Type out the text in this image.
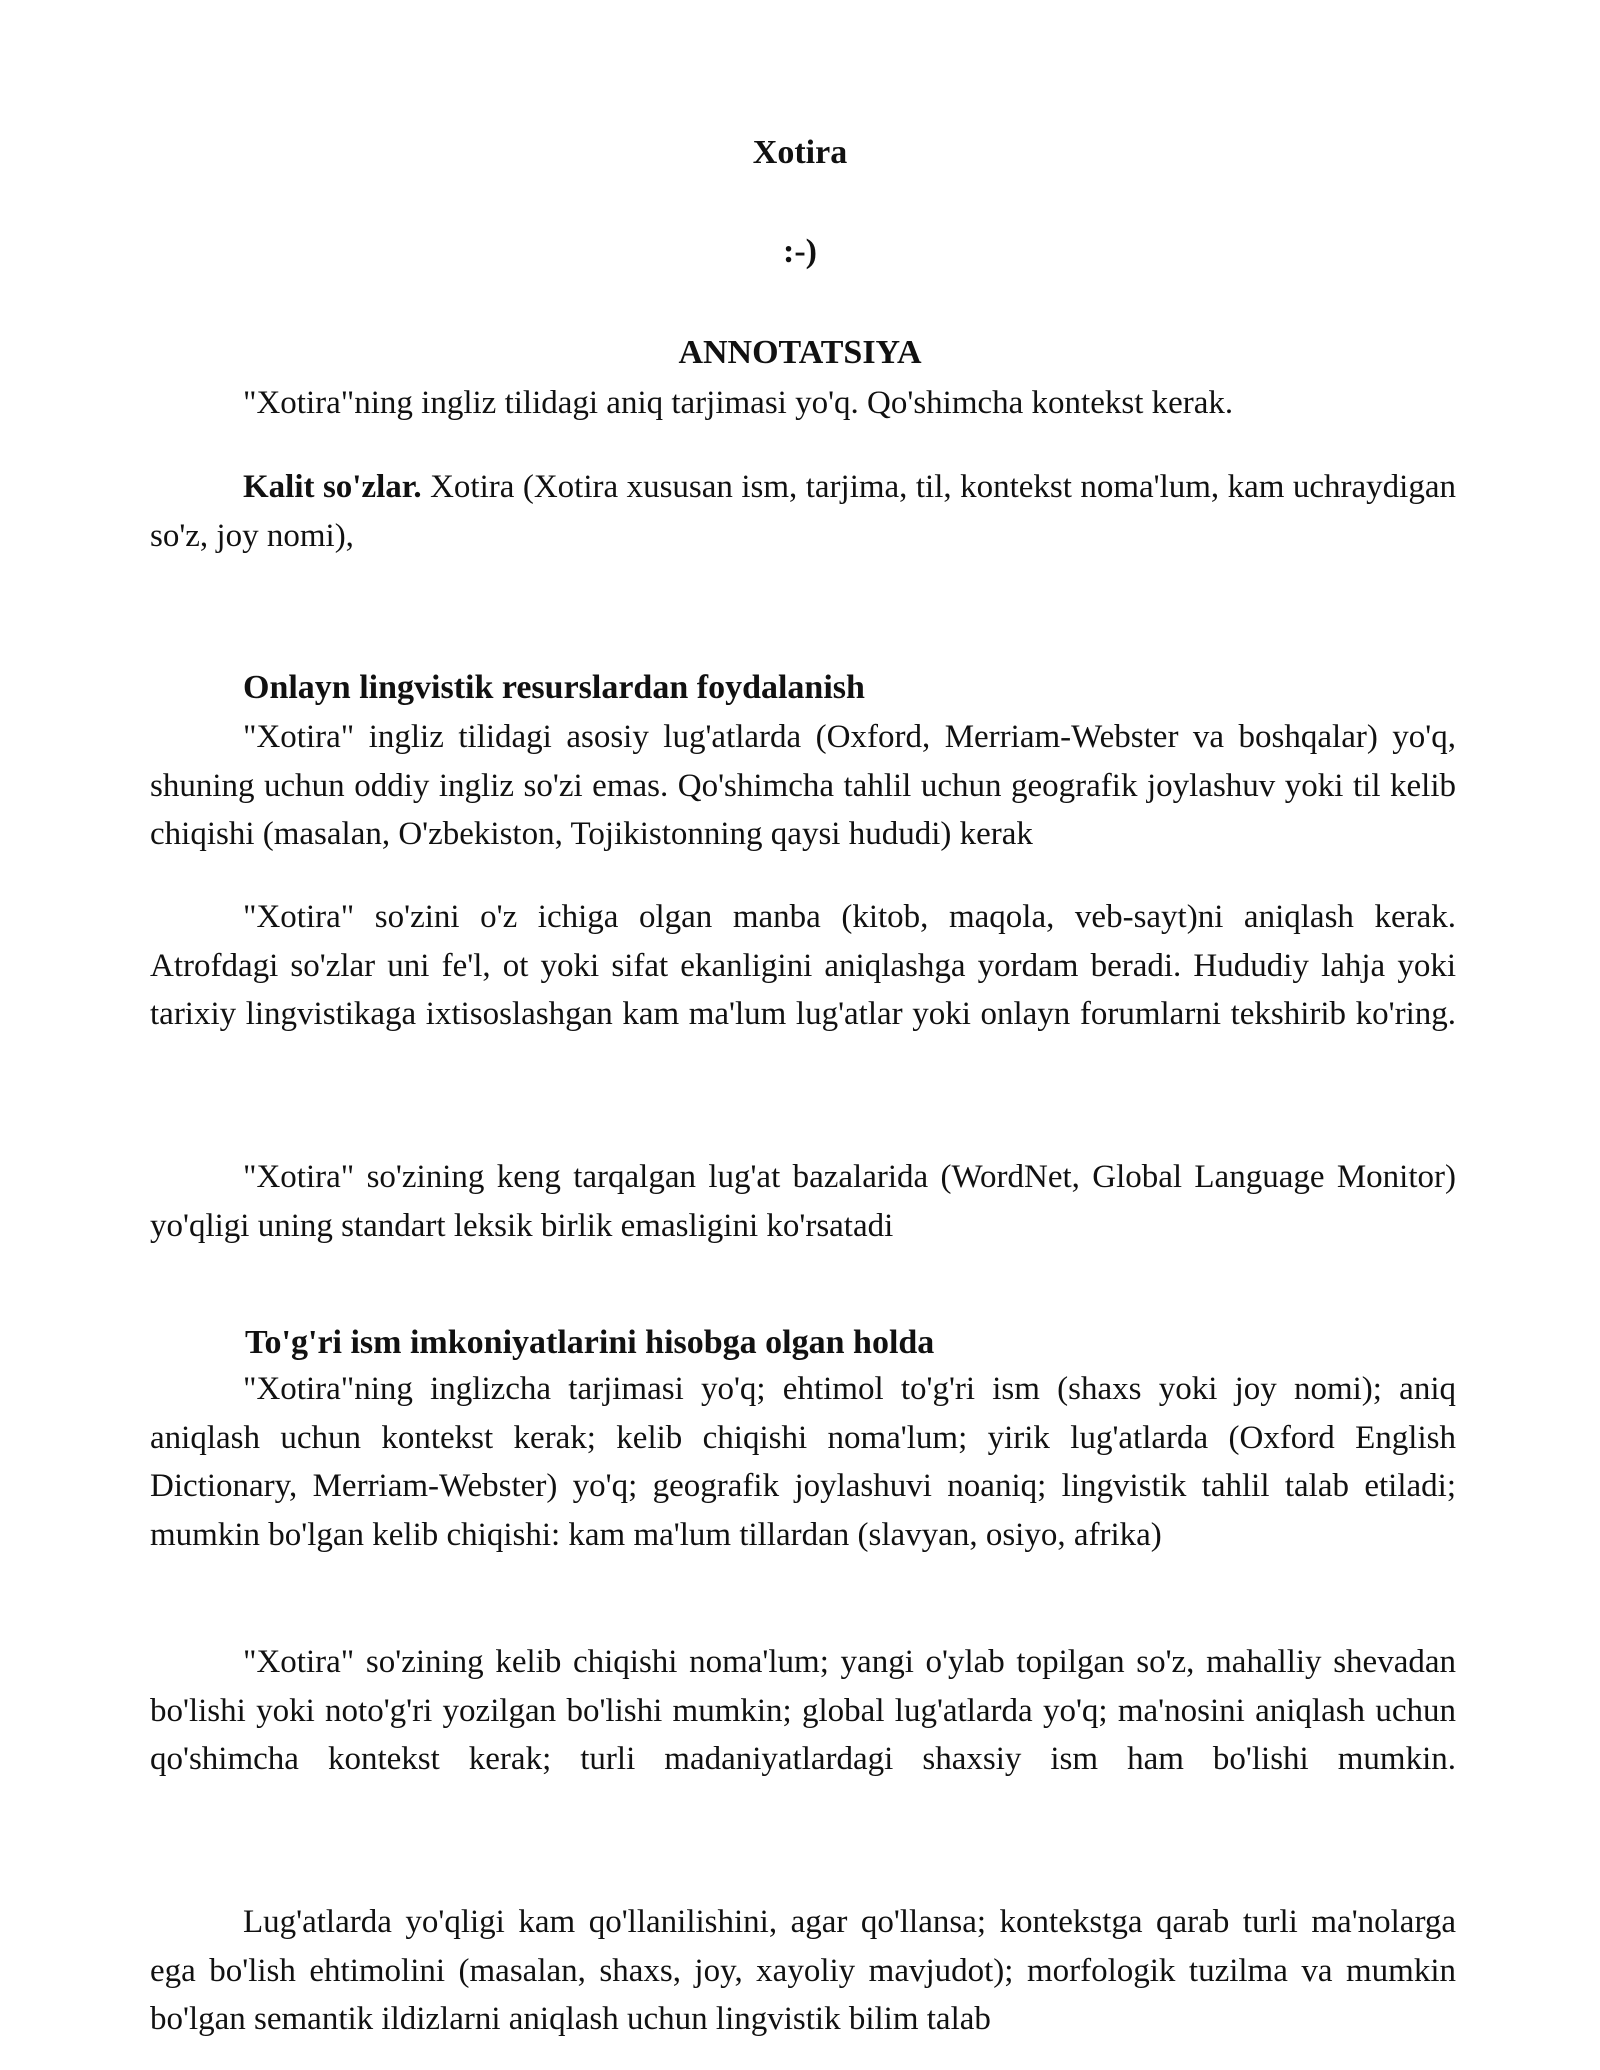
Xotira
:-)
ANNOTATSIYA

"Xotira"ning ingliz tilidagi aniq tarjimasi yo'q. Qo'shimcha kontekst kerak.

Kalit so'zlar. Xotira (Xotira xususan ism, tarjima, til, kontekst noma'lum, kam uchraydigan so'z, joy nomi),

Onlayn lingvistik resurslardan foydalanish

"Xotira" ingliz tilidagi asosiy lug'atlarda (Oxford, Merriam-Webster va boshqalar) yo'q, shuning uchun oddiy ingliz so'zi emas. Qo'shimcha tahlil uchun geografik joylashuv yoki til kelib chiqishi (masalan, O'zbekiston, Tojikistonning qaysi hududi) kerak

"Xotira" so'zini o'z ichiga olgan manba (kitob, maqola, veb-sayt)ni aniqlash kerak. Atrofdagi so'zlar uni fe'l, ot yoki sifat ekanligini aniqlashga yordam beradi. Hududiy lahja yoki tarixiy lingvistikaga ixtisoslashgan kam ma'lum lug'atlar yoki onlayn forumlarni tekshirib ko'ring.

"Xotira" so'zining keng tarqalgan lug'at bazalarida (WordNet, Global Language Monitor) yo'qligi uning standart leksik birlik emasligini ko'rsatadi

To'g'ri ism imkoniyatlarini hisobga olgan holda

"Xotira"ning inglizcha tarjimasi yo'q; ehtimol to'g'ri ism (shaxs yoki joy nomi); aniq aniqlash uchun kontekst kerak; kelib chiqishi noma'lum; yirik lug'atlarda (Oxford English Dictionary, Merriam-Webster) yo'q; geografik joylashuvi noaniq; lingvistik tahlil talab etiladi; mumkin bo'lgan kelib chiqishi: kam ma'lum tillardan (slavyan, osiyo, afrika)

"Xotira" so'zining kelib chiqishi noma'lum; yangi o'ylab topilgan so'z, mahalliy shevadan bo'lishi yoki noto'g'ri yozilgan bo'lishi mumkin; global lug'atlarda yo'q; ma'nosini aniqlash uchun qo'shimcha kontekst kerak; turli madaniyatlardagi shaxsiy ism ham bo'lishi mumkin.

Lug'atlarda yo'qligi kam qo'llanilishini, agar qo'llansa; kontekstga qarab turli ma'nolarga ega bo'lish ehtimolini (masalan, shaxs, joy, xayoliy mavjudot); morfologik tuzilma va mumkin bo'lgan semantik ildizlarni aniqlash uchun lingvistik bilim talab
